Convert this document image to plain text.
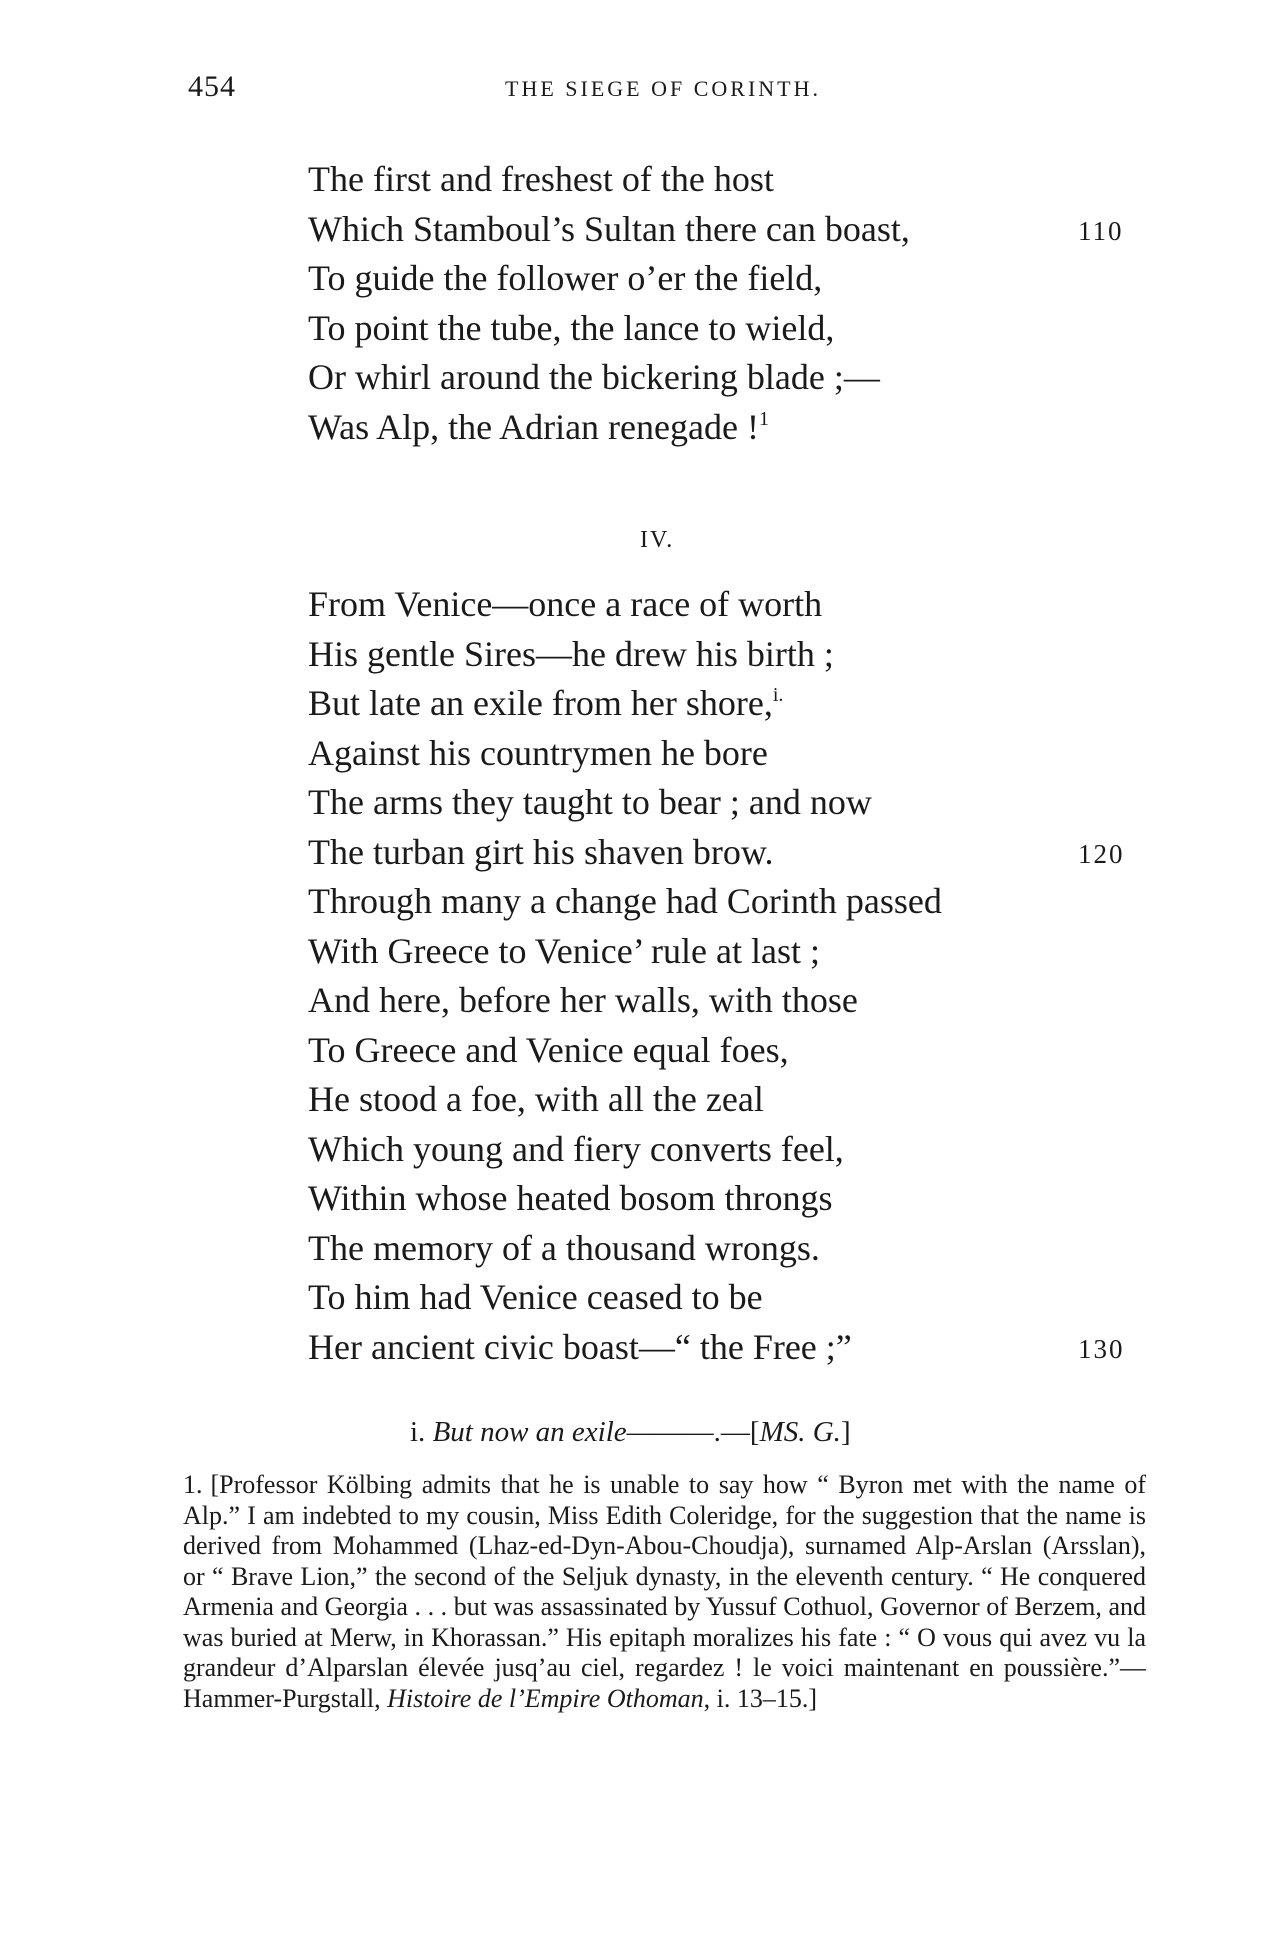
454	THE SIEGE OF CORINTH.
The first and freshest of the host
Which Stamboul’s Sultan there can boast,	110
To guide the follower o’er the field,
To point the tube, the lance to wield,
Or whirl around the bickering blade ;—
Was Alp, the Adrian renegade !$^1$
IV.
From Venice—once a race of worth
His gentle Sires—he drew his birth ;
But late an exile from her shore,$^{i.}$
Against his countrymen he bore
The arms they taught to bear ; and now
The turban girt his shaven brow.	120
Through many a change had Corinth passed
With Greece to Venice’ rule at last ;
And here, before her walls, with those
To Greece and Venice equal foes,
He stood a foe, with all the zeal
Which young and fiery converts feel,
Within whose heated bosom throngs
The memory of a thousand wrongs.
To him had Venice ceased to be
Her ancient civic boast—“ the Free ;”	130
i. But now an exile———.—[MS. G.]
1. [Professor Kölbing admits that he is unable to say how “ Byron met with the name of Alp.” I am indebted to my cousin, Miss Edith Coleridge, for the suggestion that the name is derived from Mohammed (Lhaz-ed-Dyn-Abou-Choudja), surnamed Alp-Arslan (Arsslan), or “ Brave Lion,” the second of the Seljuk dynasty, in the eleventh century. “ He conquered Armenia and Georgia . . . but was assassinated by Yussuf Cothuol, Governor of Berzem, and was buried at Merw, in Khorassan.” His epitaph moralizes his fate : “ O vous qui avez vu la grandeur d’Alparslan élevée jusq’au ciel, regardez ! le voici maintenant en poussière.”—Hammer-Purgstall, Histoire de l’Empire Othoman, i. 13–15.]
